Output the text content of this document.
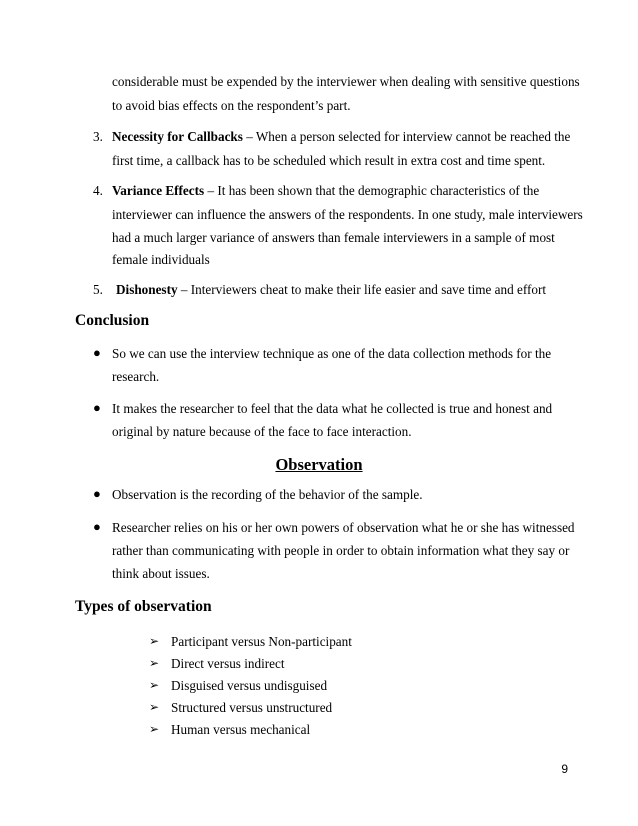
considerable must be expended by the interviewer when dealing with sensitive questions
to avoid bias effects on the respondent’s part.
3. Necessity for Callbacks – When a person selected for interview cannot be reached the
first time, a callback has to be scheduled which result in extra cost and time spent.
4. Variance Effects – It has been shown that the demographic characteristics of the
interviewer can influence the answers of the respondents. In one study, male interviewers
had a much larger variance of answers than female interviewers in a sample of most
female individuals
5. Dishonesty – Interviewers cheat to make their life easier and save time and effort
Conclusion
● So we can use the interview technique as one of the data collection methods for the
research.
● It makes the researcher to feel that the data what he collected is true and honest and
original by nature because of the face to face interaction.
Observation
● Observation is the recording of the behavior of the sample.
● Researcher relies on his or her own powers of observation what he or she has witnessed
rather than communicating with people in order to obtain information what they say or
think about issues.
Types of observation
➢ Participant versus Non-participant
➢ Direct versus indirect
➢ Disguised versus undisguised
➢ Structured versus unstructured
➢ Human versus mechanical
9
